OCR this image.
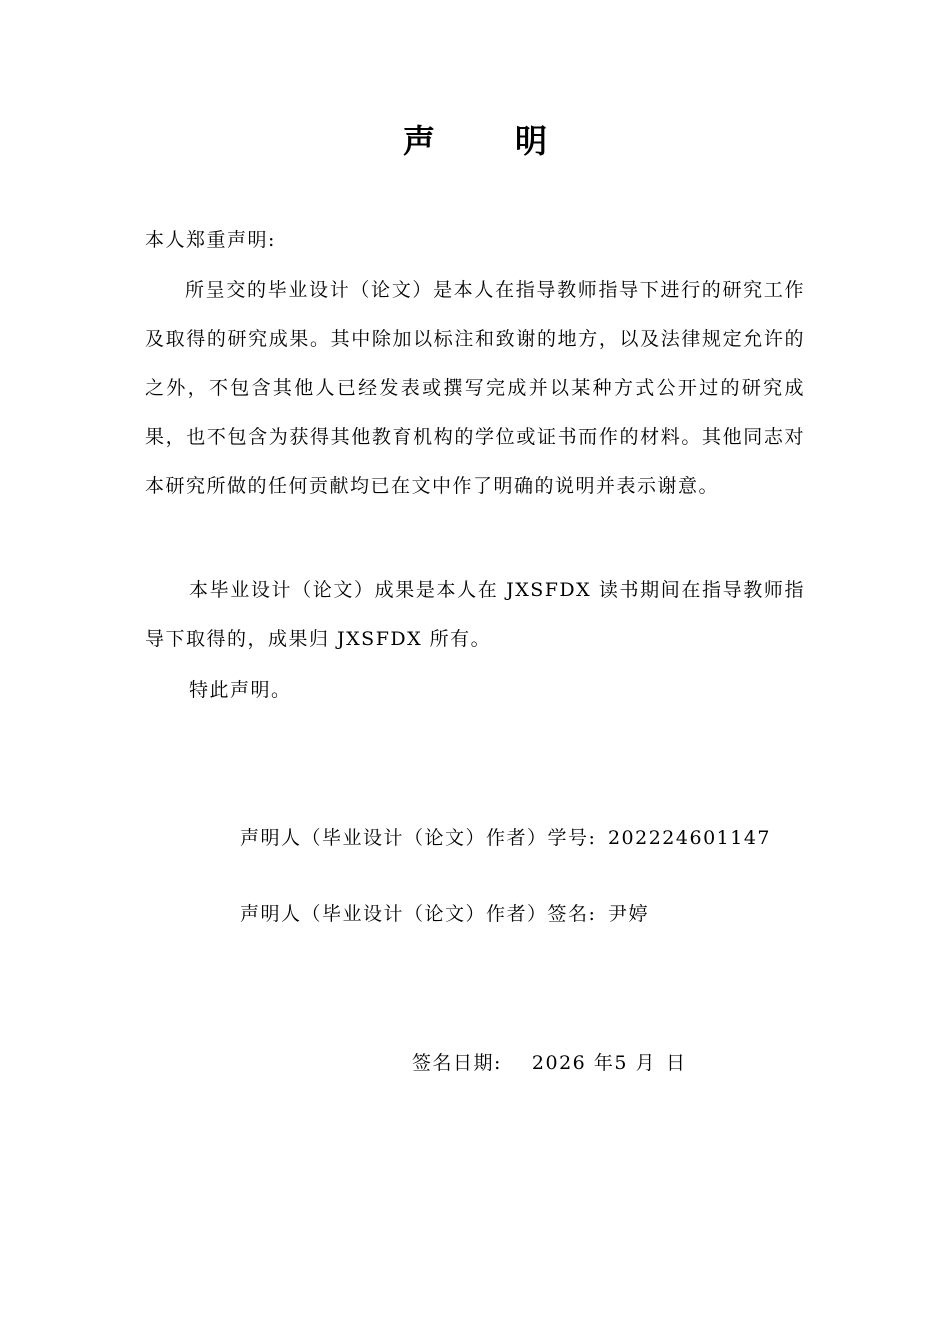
声明
本人郑重声明:
所呈交的毕业设计（论文）是本人在指导教师指导下进行的研究工作及取得的研究成果。其中除加以标注和致谢的地方，以及法律规定允许的之外，不包含其他人已经发表或撰写完成并以某种方式公开过的研究成果，也不包含为获得其他教育机构的学位或证书而作的材料。其他同志对本研究所做的任何贡献均已在文中作了明确的说明并表示谢意。
本毕业设计（论文）成果是本人在 JXSFDX 读书期间在指导教师指导下取得的，成果归 JXSFDX 所有。
特此声明。
声明人（毕业设计（论文）作者）学号: 202224601147
声明人（毕业设计（论文）作者）签名: 尹婷
签名日期: 2026 年5 月 日
